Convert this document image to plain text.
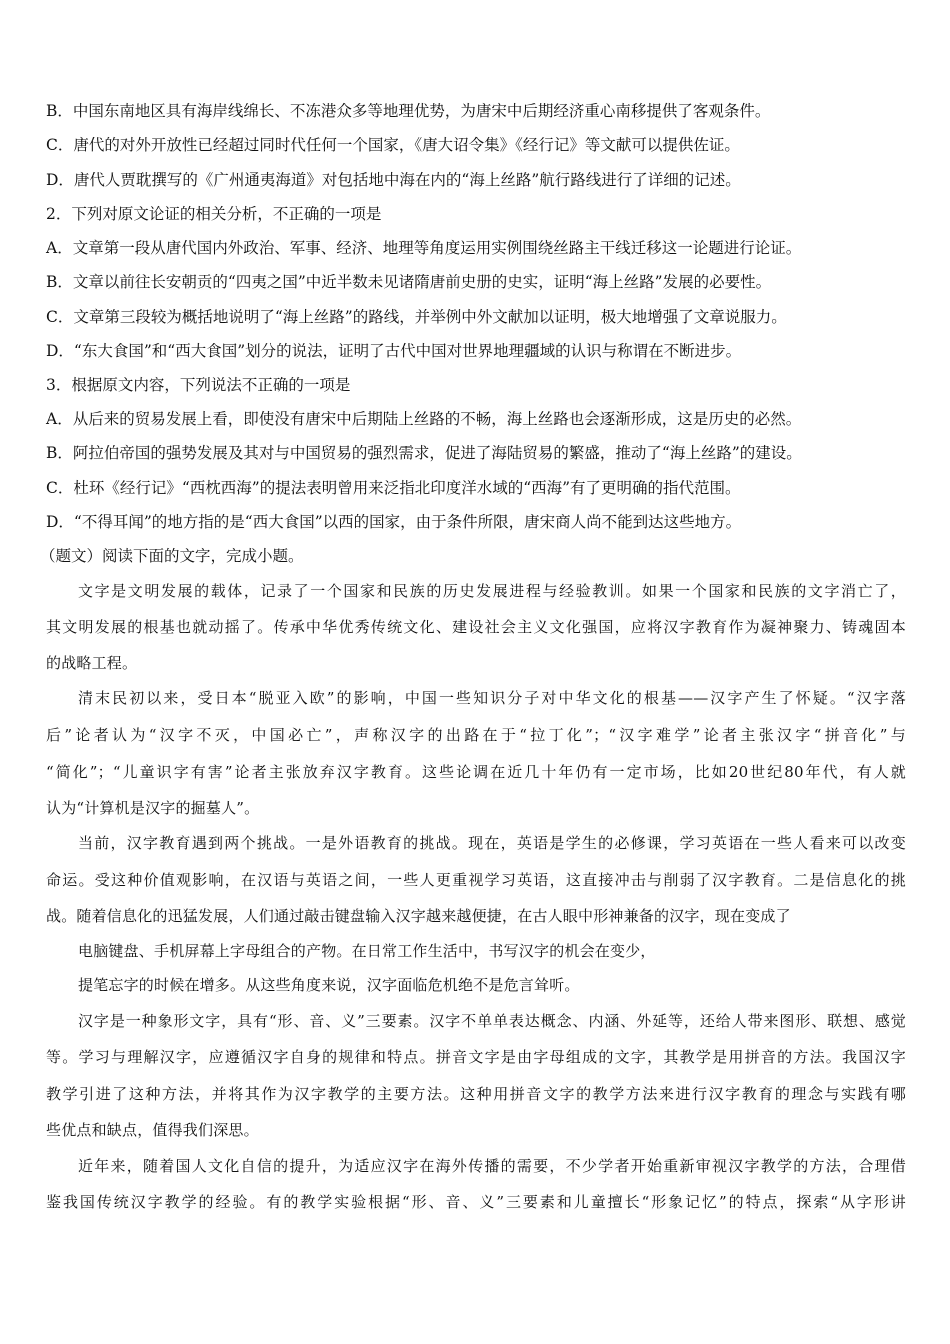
B．中国东南地区具有海岸线绵长、不冻港众多等地理优势，为唐宋中后期经济重心南移提供了客观条件。
C．唐代的对外开放性已经超过同时代任何一个国家，《唐大诏令集》《经行记》等文献可以提供佐证。
D．唐代人贾耽撰写的《广州通夷海道》对包括地中海在内的“海上丝路”航行路线进行了详细的记述。
2．下列对原文论证的相关分析，不正确的一项是
A．文章第一段从唐代国内外政治、军事、经济、地理等角度运用实例围绕丝路主干线迁移这一论题进行论证。
B．文章以前往长安朝贡的“四夷之国”中近半数未见诸隋唐前史册的史实，证明“海上丝路”发展的必要性。
C．文章第三段较为概括地说明了“海上丝路”的路线，并举例中外文献加以证明，极大地增强了文章说服力。
D．“东大食国”和“西大食国”划分的说法，证明了古代中国对世界地理疆域的认识与称谓在不断进步。
3．根据原文内容，下列说法不正确的一项是
A．从后来的贸易发展上看，即使没有唐宋中后期陆上丝路的不畅，海上丝路也会逐渐形成，这是历史的必然。
B．阿拉伯帝国的强势发展及其对与中国贸易的强烈需求，促进了海陆贸易的繁盛，推动了“海上丝路”的建设。
C．杜环《经行记》“西枕西海”的提法表明曾用来泛指北印度洋水域的“西海”有了更明确的指代范围。
D．“不得耳闻”的地方指的是“西大食国”以西的国家，由于条件所限，唐宋商人尚不能到达这些地方。
（题文）阅读下面的文字，完成小题。
文字是文明发展的载体，记录了一个国家和民族的历史发展进程与经验教训。如果一个国家和民族的文字消亡了，
其文明发展的根基也就动摇了。传承中华优秀传统文化、建设社会主义文化强国，应将汉字教育作为凝神聚力、铸魂固本
的战略工程。
清末民初以来，受日本“脱亚入欧”的影响，中国一些知识分子对中华文化的根基——汉字产生了怀疑。“汉字落
后”论者认为“汉字不灭，中国必亡”，声称汉字的出路在于“拉丁化”；“汉字难学”论者主张汉字“拼音化”与
“简化”；“儿童识字有害”论者主张放弃汉字教育。这些论调在近几十年仍有一定市场，比如20世纪80年代，有人就
认为“计算机是汉字的掘墓人”。
当前，汉字教育遇到两个挑战。一是外语教育的挑战。现在，英语是学生的必修课，学习英语在一些人看来可以改变
命运。受这种价值观影响，在汉语与英语之间，一些人更重视学习英语，这直接冲击与削弱了汉字教育。二是信息化的挑
战。随着信息化的迅猛发展，人们通过敲击键盘输入汉字越来越便捷，在古人眼中形神兼备的汉字，现在变成了
电脑键盘、手机屏幕上字母组合的产物。在日常工作生活中，书写汉字的机会在变少，
提笔忘字的时候在增多。从这些角度来说，汉字面临危机绝不是危言耸听。
汉字是一种象形文字，具有“形、音、义”三要素。汉字不单单表达概念、内涵、外延等，还给人带来图形、联想、感觉
等。学习与理解汉字，应遵循汉字自身的规律和特点。拼音文字是由字母组成的文字，其教学是用拼音的方法。我国汉字
教学引进了这种方法，并将其作为汉字教学的主要方法。这种用拼音文字的教学方法来进行汉字教育的理念与实践有哪
些优点和缺点，值得我们深思。
近年来，随着国人文化自信的提升，为适应汉字在海外传播的需要，不少学者开始重新审视汉字教学的方法，合理借
鉴我国传统汉字教学的经验。有的教学实验根据“形、音、义”三要素和儿童擅长“形象记忆”的特点，探索“从字形讲
